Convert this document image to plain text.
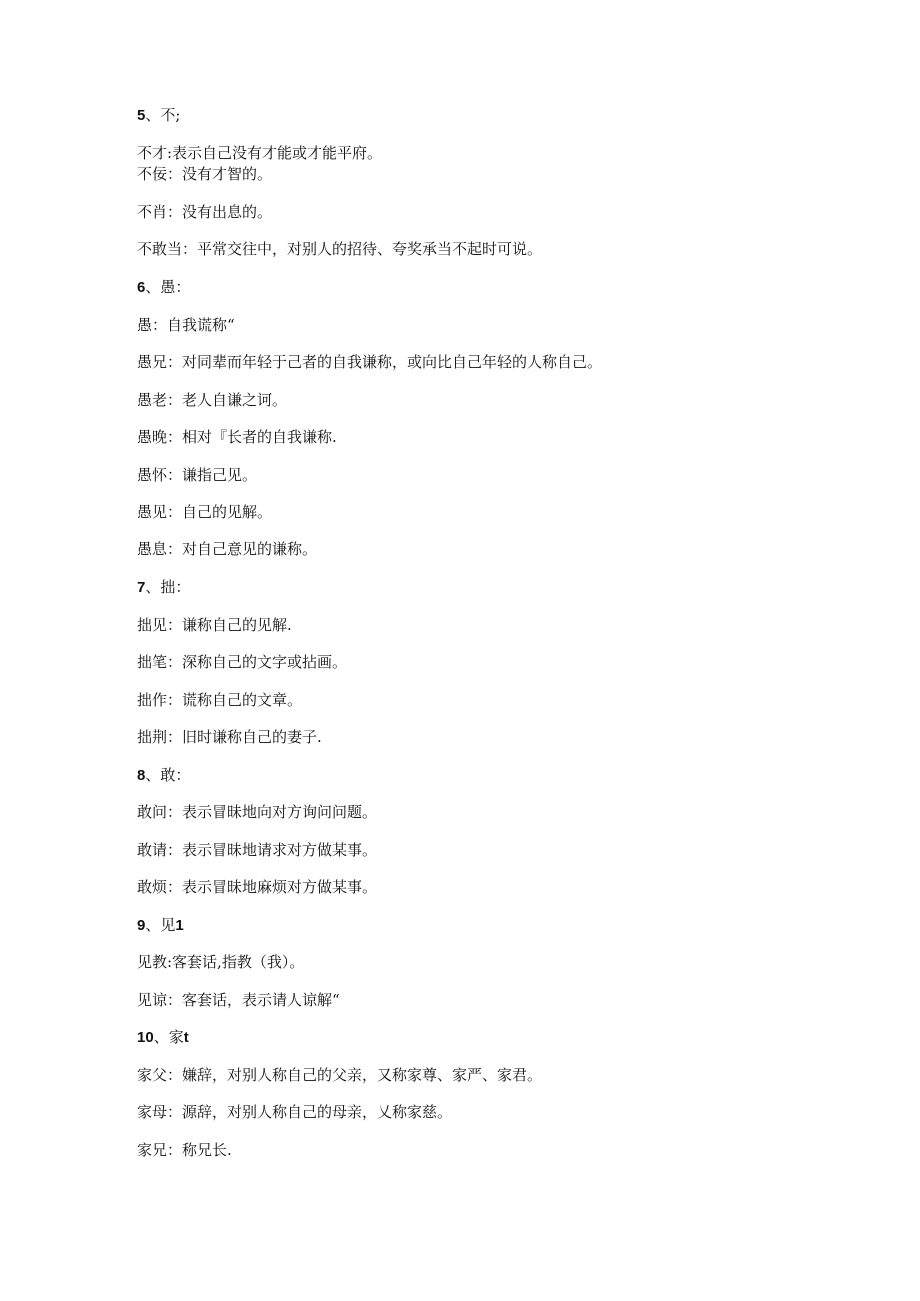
5、不;
不才:表示自己没有才能或才能平府。
不佞：没有才智的。
不肖：没有出息的。
不敢当：平常交往中，对别人的招待、夸奖承当不起时可说。
6、愚：
愚：自我谎称“
愚兄：对同辈而年轻于己者的自我谦称，或向比自己年轻的人称自己。
愚老：老人自谦之诃。
愚晚：相对『长者的自我谦称.
愚怀：谦指己见。
愚见：自己的见解。
愚息：对自己意见的谦称。
7、拙：
拙见：谦称自己的见解.
拙笔：深称自己的文字或拈画。
拙作：谎称自己的文章。
拙荆：旧时谦称自己的妻子.
8、敢：
敢问：表示冒昧地向对方询问问题。
敢请：表示冒昧地请求对方做某事。
敢烦：表示冒昧地麻烦对方做某事。
9、见1
见教:客套话,指教（我）。
见谅：客套话，表示请人谅解“
10、家t
家父：嫌辞，对别人称自己的父亲，又称家尊、家严、家君。
家母：源辞，对别人称自己的母亲，乂称家慈。
家兄：称兄长.
